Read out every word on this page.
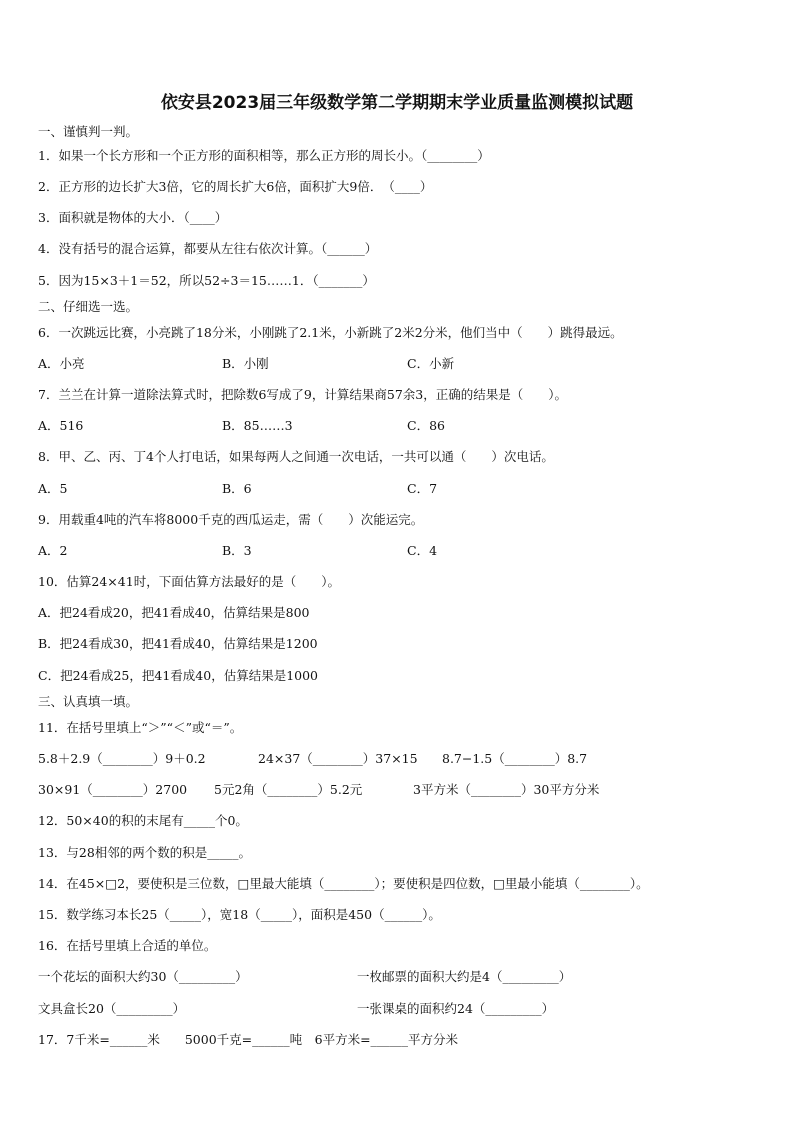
依安县2023届三年级数学第二学期期末学业质量监测模拟试题
一、谨慎判一判。
1．如果一个长方形和一个正方形的面积相等，那么正方形的周长小。（________）
2．正方形的边长扩大3倍，它的周长扩大6倍，面积扩大9倍．　（____）
3．面积就是物体的大小．（____）
4．没有括号的混合运算，都要从左往右依次计算。（______）
5．因为15×3＋1＝52，所以52÷3＝15……1．（_______）
二、仔细选一选。
6．一次跳远比赛，小亮跳了18分米，小刚跳了2.1米，小新跳了2米2分米，他们当中（　　）跳得最远。
A．小亮	B．小刚	C．小新
7．兰兰在计算一道除法算式时，把除数6写成了9，计算结果商57余3，正确的结果是（　　）。
A．516	B．85……3	C．86
8．甲、乙、丙、丁4个人打电话，如果每两人之间通一次电话，一共可以通（　　）次电话。
A．5	B．6	C．7
9．用载重4吨的汽车将8000千克的西瓜运走，需（　　）次能运完。
A．2	B．3	C．4
10．估算24×41时，下面估算方法最好的是（　　）。
A．把24看成20，把41看成40，估算结果是800
B．把24看成30，把41看成40，估算结果是1200
C．把24看成25，把41看成40，估算结果是1000
三、认真填一填。
11．在括号里填上“＞”“＜”或“＝”。
5.8＋2.9（________）9＋0.2	24×37（________）37×15 8.7−1.5（________）8.7
30×91（________）2700 5元2角（________）5.2元	3平方米（________）30平方分米
12．50×40的积的末尾有_____个0。
13．与28相邻的两个数的积是_____。
14．在45×□2，要使积是三位数，□里最大能填（________）；要使积是四位数，□里最小能填（________）。
15．数学练习本长25（_____），宽18（_____），面积是450（______）。
16．在括号里填上合适的单位。
一个花坛的面积大约30（_________）	一枚邮票的面积大约是4（_________）
文具盒长20（_________）	一张课桌的面积约24（_________）
17．7千米=______米　　5000千克=______吨　6平方米=______平方分米
